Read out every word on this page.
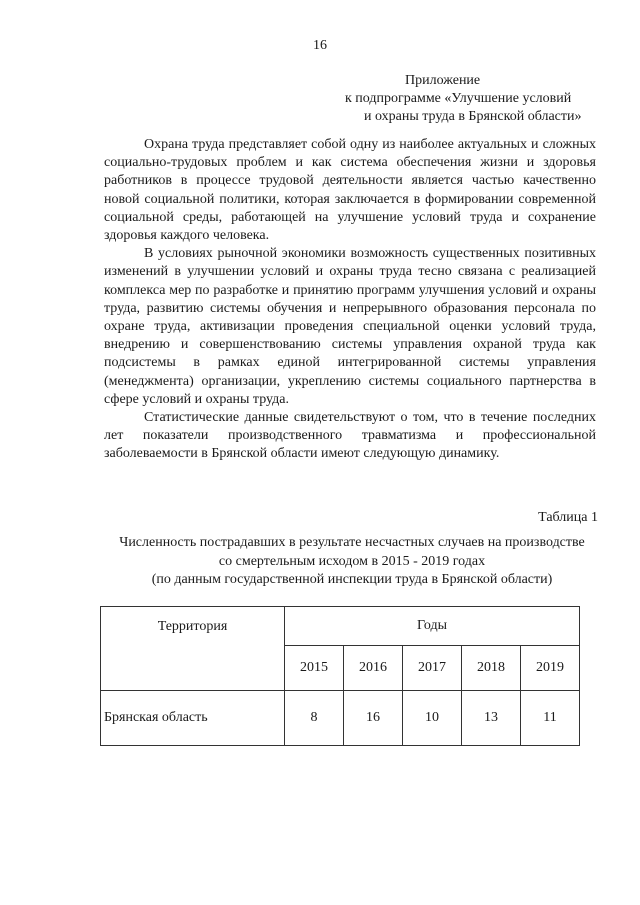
16
Приложение
к подпрограмме «Улучшение условий
и охраны труда в Брянской области»

Охрана труда представляет собой одну из наиболее актуальных и сложных социально-трудовых проблем и как система обеспечения жизни и здоровья работников в процессе трудовой деятельности является частью качественно новой социальной политики, которая заключается в формировании современной социальной среды, работающей на улучшение условий труда и сохранение здоровья каждого человека.

В условиях рыночной экономики возможность существенных позитивных изменений в улучшении условий и охраны труда тесно связана с реализацией комплекса мер по разработке и принятию программ улучшения условий и охраны труда, развитию системы обучения и непрерывного образования персонала по охране труда, активизации проведения специальной оценки условий труда, внедрению и совершенствованию системы управления охраной труда как подсистемы в рамках единой интегрированной системы управления (менеджмента) организации, укреплению системы социального партнерства в сфере условий и охраны труда.

Статистические данные свидетельствуют о том, что в течение последних лет показатели производственного травматизма и профессиональной заболеваемости в Брянской области имеют следующую динамику.

Таблица 1
Численность пострадавших в результате несчастных случаев на производстве
со смертельным исходом в 2015 - 2019 годах
(по данным государственной инспекции труда в Брянской области)
Территория	Годы				
	2015	2016	2017	2018	2019
Брянская область	8	16	10	13	11
